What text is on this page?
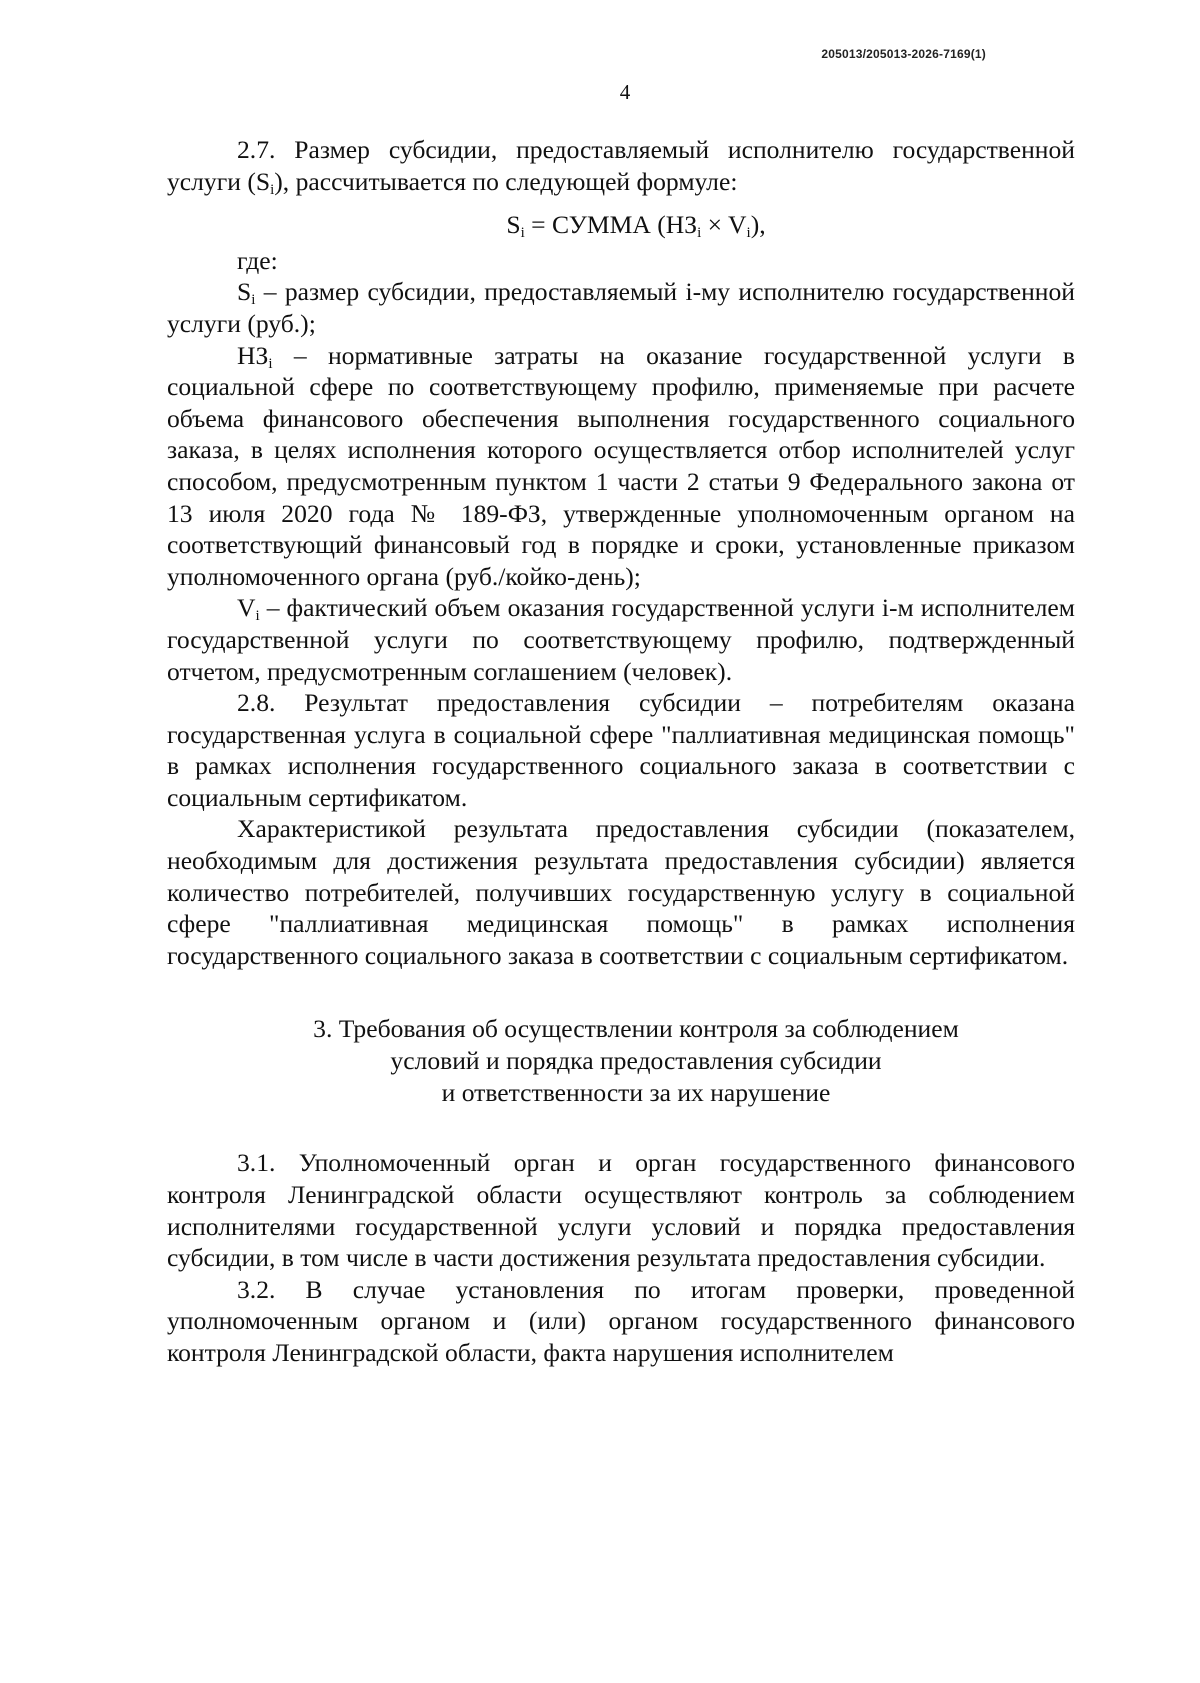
205013/205013-2026-7169(1)
4

2.7. Размер субсидии, предоставляемый исполнителю государственной услуги $(S_i)$, рассчитывается по следующей формуле:

$S_i$ = СУММА $(НЗ_i \times V_i)$,

где:

$S_i$ – размер субсидии, предоставляемый i-му исполнителю государственной услуги (руб.);

$НЗ_i$ – нормативные затраты на оказание государственной услуги в социальной сфере по соответствующему профилю, применяемые при расчете объема финансового обеспечения выполнения государственного социального заказа, в целях исполнения которого осуществляется отбор исполнителей услуг способом, предусмотренным пунктом 1 части 2 статьи 9 Федерального закона от 13 июля 2020 года № 189-ФЗ, утвержденные уполномоченным органом на соответствующий финансовый год в порядке и сроки, установленные приказом уполномоченного органа (руб./койко-день);

$V_i$ – фактический объем оказания государственной услуги i-м исполнителем государственной услуги по соответствующему профилю, подтвержденный отчетом, предусмотренным соглашением (человек).

2.8. Результат предоставления субсидии – потребителям оказана государственная услуга в социальной сфере "паллиативная медицинская помощь" в рамках исполнения государственного социального заказа в соответствии с социальным сертификатом.

Характеристикой результата предоставления субсидии (показателем, необходимым для достижения результата предоставления субсидии) является количество потребителей, получивших государственную услугу в социальной сфере "паллиативная медицинская помощь" в рамках исполнения государственного социального заказа в соответствии с социальным сертификатом.

3. Требования об осуществлении контроля за соблюдением
условий и порядка предоставления субсидии
и ответственности за их нарушение

3.1. Уполномоченный орган и орган государственного финансового контроля Ленинградской области осуществляют контроль за соблюдением исполнителями государственной услуги условий и порядка предоставления субсидии, в том числе в части достижения результата предоставления субсидии.

3.2. В случае установления по итогам проверки, проведенной уполномоченным органом и (или) органом государственного финансового контроля Ленинградской области, факта нарушения исполнителем
